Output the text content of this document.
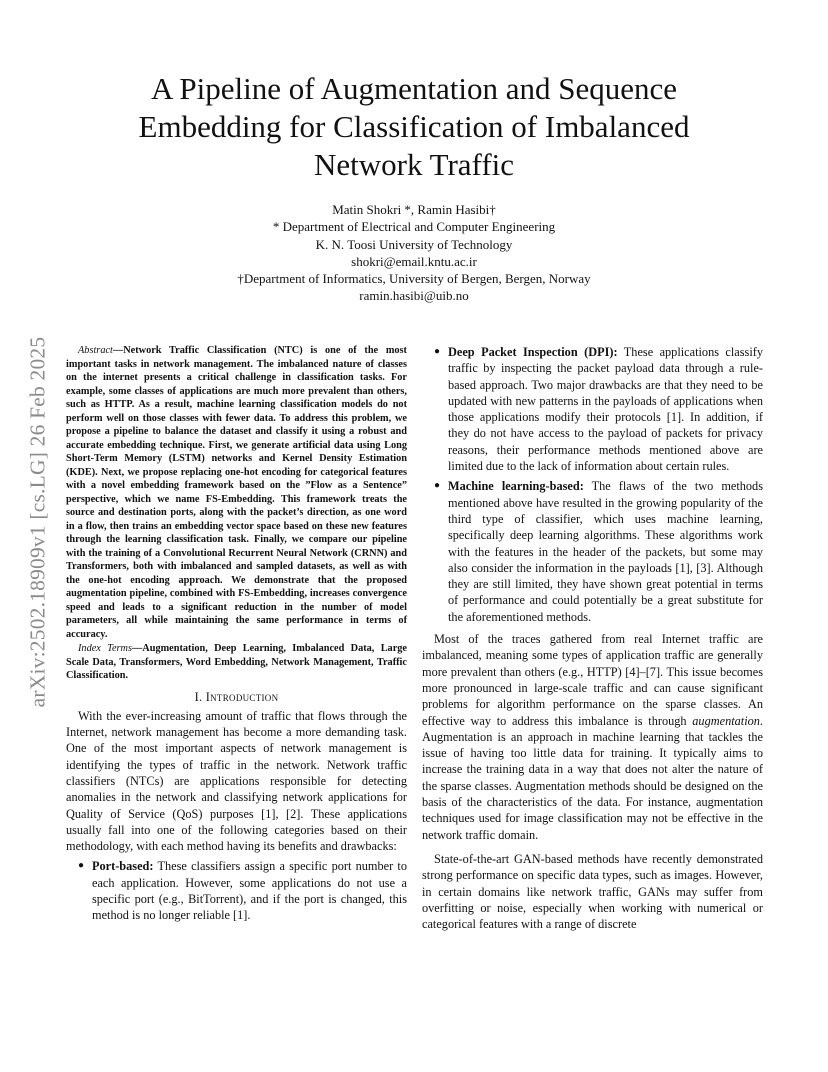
arXiv:2502.18909v1 [cs.LG] 26 Feb 2025
A Pipeline of Augmentation and Sequence
Embedding for Classification of Imbalanced
Network Traffic
Matin Shokri *, Ramin Hasibi†
* Department of Electrical and Computer Engineering
K. N. Toosi University of Technology
shokri@email.kntu.ac.ir
†Department of Informatics, University of Bergen, Bergen, Norway
ramin.hasibi@uib.no

Abstract—Network Traffic Classification (NTC) is one of the most important tasks in network management. The imbalanced nature of classes on the internet presents a critical challenge in classification tasks. For example, some classes of applications are much more prevalent than others, such as HTTP. As a result, machine learning classification models do not perform well on those classes with fewer data. To address this problem, we propose a pipeline to balance the dataset and classify it using a robust and accurate embedding technique. First, we generate artificial data using Long Short-Term Memory (LSTM) networks and Kernel Density Estimation (KDE). Next, we propose replacing one-hot encoding for categorical features with a novel embedding framework based on the ”Flow as a Sentence” perspective, which we name FS-Embedding. This framework treats the source and destination ports, along with the packet’s direction, as one word in a flow, then trains an embedding vector space based on these new features through the learning classification task. Finally, we compare our pipeline with the training of a Convolutional Recurrent Neural Network (CRNN) and Transformers, both with imbalanced and sampled datasets, as well as with the one-hot encoding approach. We demonstrate that the proposed augmentation pipeline, combined with FS-Embedding, increases convergence speed and leads to a significant reduction in the number of model parameters, all while maintaining the same performance in terms of accuracy.

Index Terms—Augmentation, Deep Learning, Imbalanced Data, Large Scale Data, Transformers, Word Embedding, Network Management, Traffic Classification.

I. Introduction

With the ever-increasing amount of traffic that flows through the Internet, network management has become a more demanding task. One of the most important aspects of network management is identifying the types of traffic in the network. Network traffic classifiers (NTCs) are applications responsible for detecting anomalies in the network and classifying network applications for Quality of Service (QoS) purposes [1], [2]. These applications usually fall into one of the following categories based on their methodology, with each method having its benefits and drawbacks:

● Port-based: These classifiers assign a specific port number to each application. However, some applications do not use a specific port (e.g., BitTorrent), and if the port is changed, this method is no longer reliable [1].
● Deep Packet Inspection (DPI): These applications classify traffic by inspecting the packet payload data through a rule-based approach. Two major drawbacks are that they need to be updated with new patterns in the payloads of applications when those applications modify their protocols [1]. In addition, if they do not have access to the payload of packets for privacy reasons, their performance methods mentioned above are limited due to the lack of information about certain rules.
● Machine learning-based: The flaws of the two methods mentioned above have resulted in the growing popularity of the third type of classifier, which uses machine learning, specifically deep learning algorithms. These algorithms work with the features in the header of the packets, but some may also consider the information in the payloads [1], [3]. Although they are still limited, they have shown great potential in terms of performance and could potentially be a great substitute for the aforementioned methods.

Most of the traces gathered from real Internet traffic are imbalanced, meaning some types of application traffic are generally more prevalent than others (e.g., HTTP) [4]–[7]. This issue becomes more pronounced in large-scale traffic and can cause significant problems for algorithm performance on the sparse classes. An effective way to address this imbalance is through augmentation. Augmentation is an approach in machine learning that tackles the issue of having too little data for training. It typically aims to increase the training data in a way that does not alter the nature of the sparse classes. Augmentation methods should be designed on the basis of the characteristics of the data. For instance, augmentation techniques used for image classification may not be effective in the network traffic domain.

State-of-the-art GAN-based methods have recently demonstrated strong performance on specific data types, such as images. However, in certain domains like network traffic, GANs may suffer from overfitting or noise, especially when working with numerical or categorical features with a range of discrete
